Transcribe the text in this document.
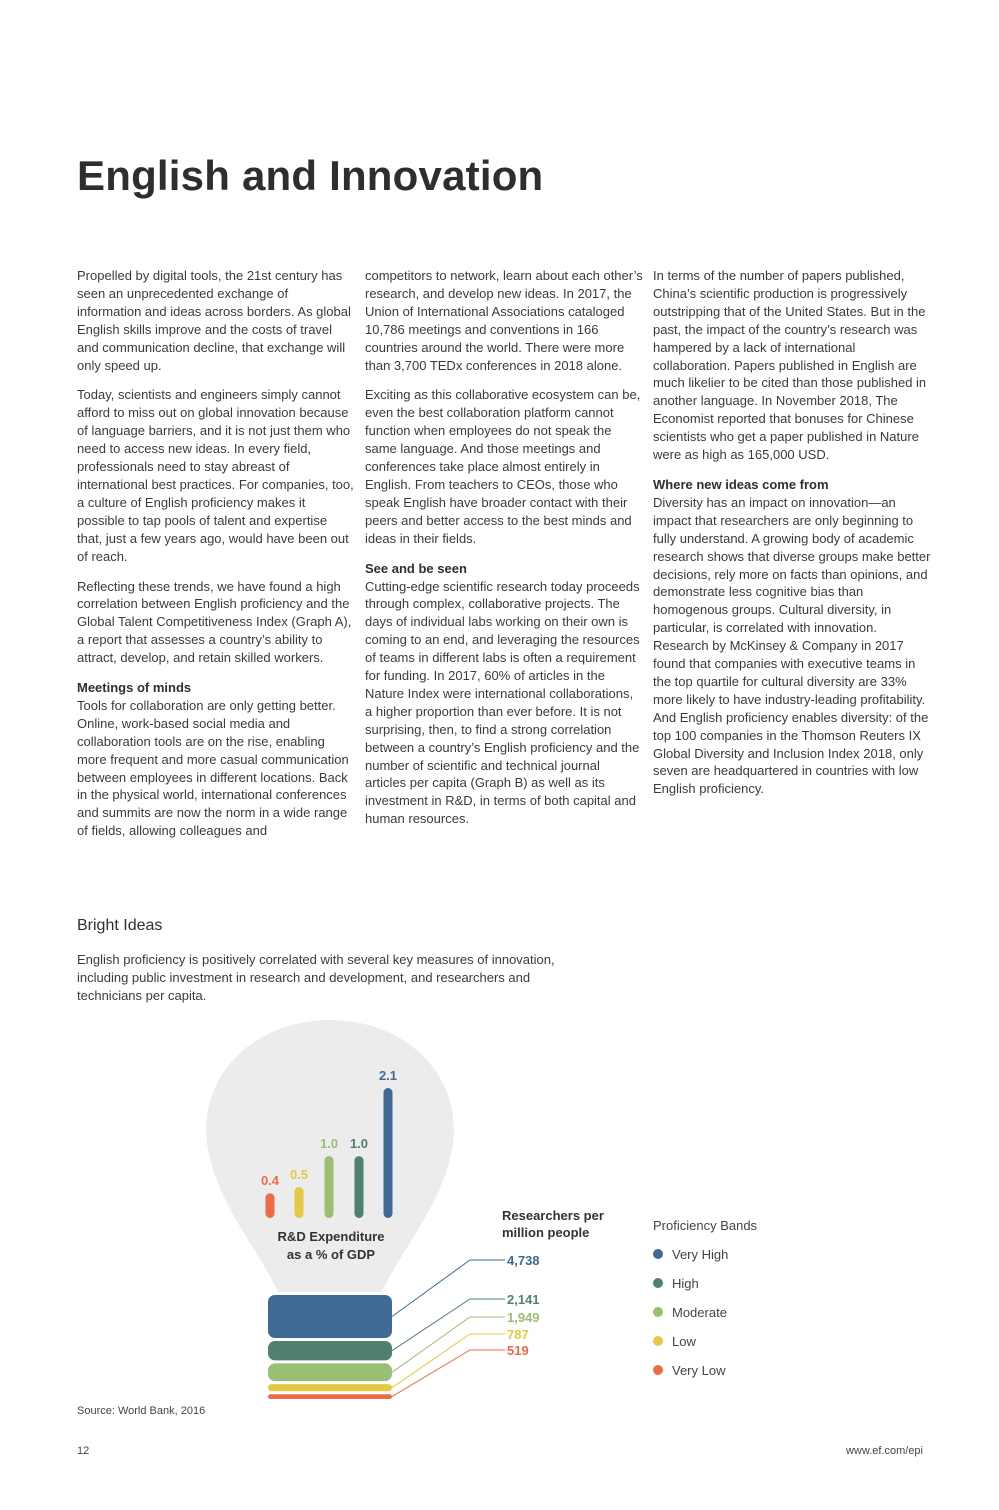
English and Innovation

Propelled by digital tools, the 21st century has seen an unprecedented exchange of information and ideas across borders. As global English skills improve and the costs of travel and communication decline, that exchange will only speed up.

Today, scientists and engineers simply cannot afford to miss out on global innovation because of language barriers, and it is not just them who need to access new ideas. In every field, professionals need to stay abreast of international best practices. For companies, too, a culture of English proficiency makes it possible to tap pools of talent and expertise that, just a few years ago, would have been out of reach.

Reflecting these trends, we have found a high correlation between English proficiency and the Global Talent Competitiveness Index (Graph A), a report that assesses a country’s ability to attract, develop, and retain skilled workers.

Meetings of minds
Tools for collaboration are only getting better. Online, work-based social media and collaboration tools are on the rise, enabling more frequent and more casual communication between employees in different locations. Back in the physical world, international conferences and summits are now the norm in a wide range of fields, allowing colleagues and

competitors to network, learn about each other’s research, and develop new ideas. In 2017, the Union of International Associations cataloged 10,786 meetings and conventions in 166 countries around the world. There were more than 3,700 TEDx conferences in 2018 alone.

Exciting as this collaborative ecosystem can be, even the best collaboration platform cannot function when employees do not speak the same language. And those meetings and conferences take place almost entirely in English. From teachers to CEOs, those who speak English have broader contact with their peers and better access to the best minds and ideas in their fields.

See and be seen
Cutting-edge scientific research today proceeds through complex, collaborative projects. The days of individual labs working on their own is coming to an end, and leveraging the resources of teams in different labs is often a requirement for funding. In 2017, 60% of articles in the Nature Index were international collaborations, a higher proportion than ever before. It is not surprising, then, to find a strong correlation between a country’s English proficiency and the number of scientific and technical journal articles per capita (Graph B) as well as its investment in R&D, in terms of both capital and human resources.

In terms of the number of papers published, China’s scientific production is progressively outstripping that of the United States. But in the past, the impact of the country’s research was hampered by a lack of international collaboration. Papers published in English are much likelier to be cited than those published in another language. In November 2018, The Economist reported that bonuses for Chinese scientists who get a paper published in Nature were as high as 165,000 USD.

Where new ideas come from
Diversity has an impact on innovation—an impact that researchers are only beginning to fully understand. A growing body of academic research shows that diverse groups make better decisions, rely more on facts than opinions, and demonstrate less cognitive bias than homogenous groups. Cultural diversity, in particular, is correlated with innovation. Research by McKinsey & Company in 2017 found that companies with executive teams in the top quartile for cultural diversity are 33% more likely to have industry-leading profitability. And English proficiency enables diversity: of the top 100 companies in the Thomson Reuters IX Global Diversity and Inclusion Index 2018, only seven are headquartered in countries with low English proficiency.

Bright Ideas

English proficiency is positively correlated with several key measures of innovation, including public investment in research and development, and researchers and technicians per capita.

0.4 0.5
1.0 1.0
2.1
R&D Expenditure
as a % of GDP
Researchers per
million people
4,738
2,141
1,949
787
519
Proficiency Bands
Very High
High
Moderate
Low
Very Low

Source: World Bank, 2016

12	www.ef.com/epi
